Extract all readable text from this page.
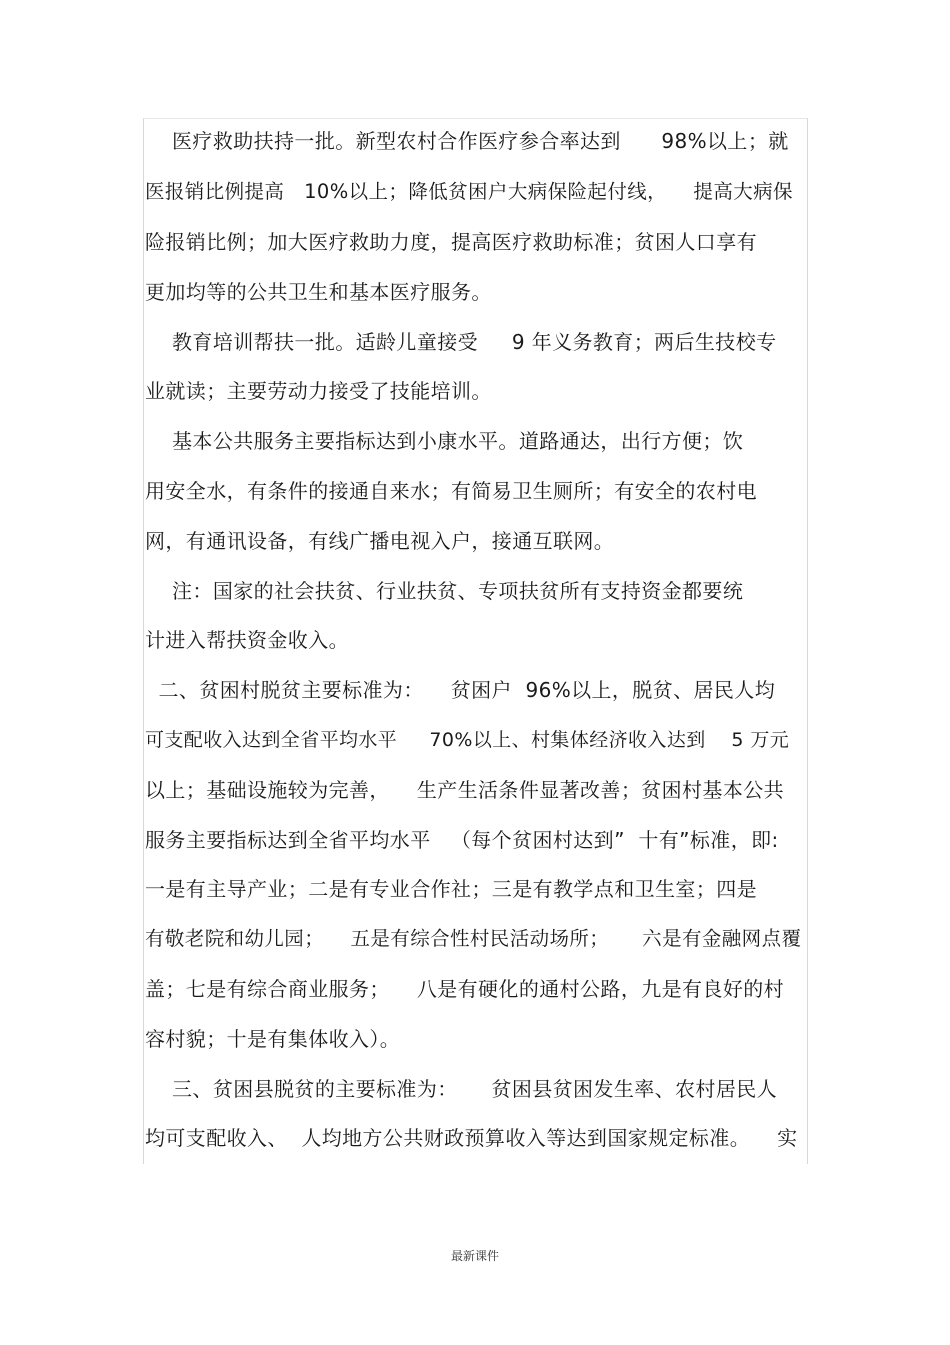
医疗救助扶持一批。新型农村合作医疗参合率达到      98%以上；就
医报销比例提高   10%以上；降低贫困户大病保险起付线，    提高大病保
险报销比例；加大医疗救助力度，提高医疗救助标准；贫困人口享有
更加均等的公共卫生和基本医疗服务。
教育培训帮扶一批。适龄儿童接受     9 年义务教育；两后生技校专
业就读；主要劳动力接受了技能培训。
基本公共服务主要指标达到小康水平。道路通达，出行方便；饮
用安全水，有条件的接通自来水；有简易卫生厕所；有安全的农村电
网，有通讯设备，有线广播电视入户，接通互联网。
注：国家的社会扶贫、行业扶贫、专项扶贫所有支持资金都要统
计进入帮扶资金收入。
二、贫困村脱贫主要标准为：    贫困户  96%以上，脱贫、居民人均
可支配收入达到全省平均水平     70%以上、村集体经济收入达到    5 万元
以上；基础设施较为完善，    生产生活条件显著改善；贫困村基本公共
服务主要指标达到全省平均水平   （每个贫困村达到”  十有”标准，即:
一是有主导产业；二是有专业合作社；三是有教学点和卫生室；四是
有敬老院和幼儿园；    五是有综合性村民活动场所；     六是有金融网点覆
盖；七是有综合商业服务；    八是有硬化的通村公路，九是有良好的村
容村貌；十是有集体收入）。
三、贫困县脱贫的主要标准为：     贫困县贫困发生率、农村居民人
均可支配收入、  人均地方公共财政预算收入等达到国家规定标准。    实
最新课件
